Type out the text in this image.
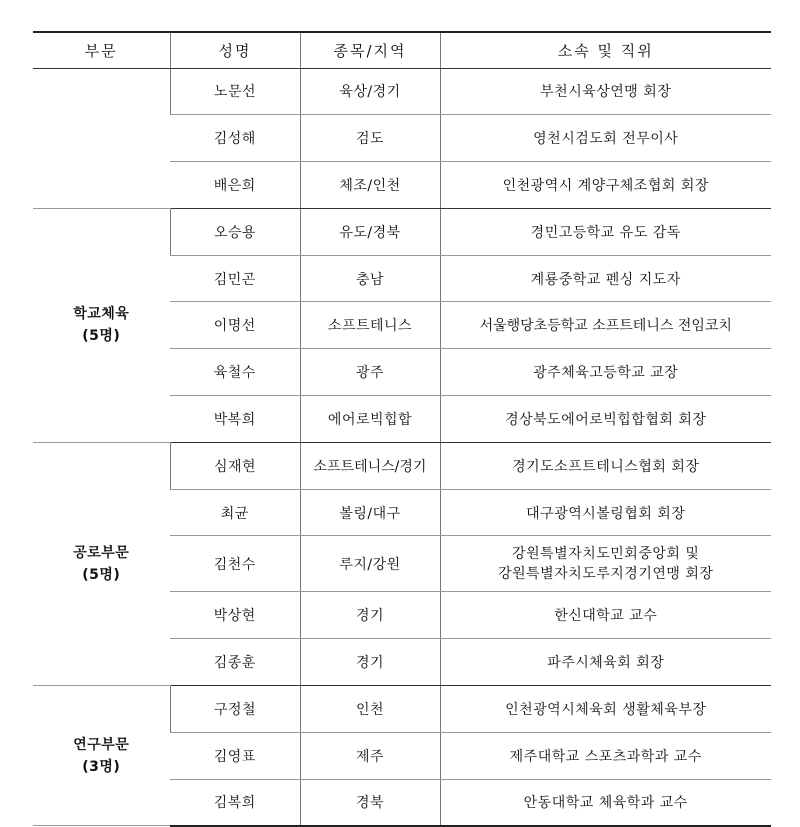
부문	성명	종목/지역	소속 및 직위
	노문선	육상/경기	부천시육상연맹 회장
	김성해	검도	영천시검도회 전무이사
	배은희	체조/인천	인천광역시 계양구체조협회 회장

학교체육
(5명)	오승용	유도/경북	경민고등학교 유도 감독
	김민곤	충남	계룡중학교 펜싱 지도자
	이명선	소프트테니스	서울행당초등학교 소프트테니스 전임코치
	육철수	광주	광주체육고등학교 교장
	박복희	에어로빅힙합	경상북도에어로빅힙합협회 회장

공로부문
(5명)	심재현	소프트테니스/경기	경기도소프트테니스협회 회장
	최균	볼링/대구	대구광역시볼링협회 회장
	김천수	루지/강원	강원특별자치도민회중앙회 및
강원특별자치도루지경기연맹 회장

	박상현	경기	한신대학교 교수
	김종훈	경기	파주시체육회 회장

연구부문
(3명)	구정철	인천	인천광역시체육회 생활체육부장
	김영표	제주	제주대학교 스포츠과학과 교수
	김복희	경북	안동대학교 체육학과 교수
